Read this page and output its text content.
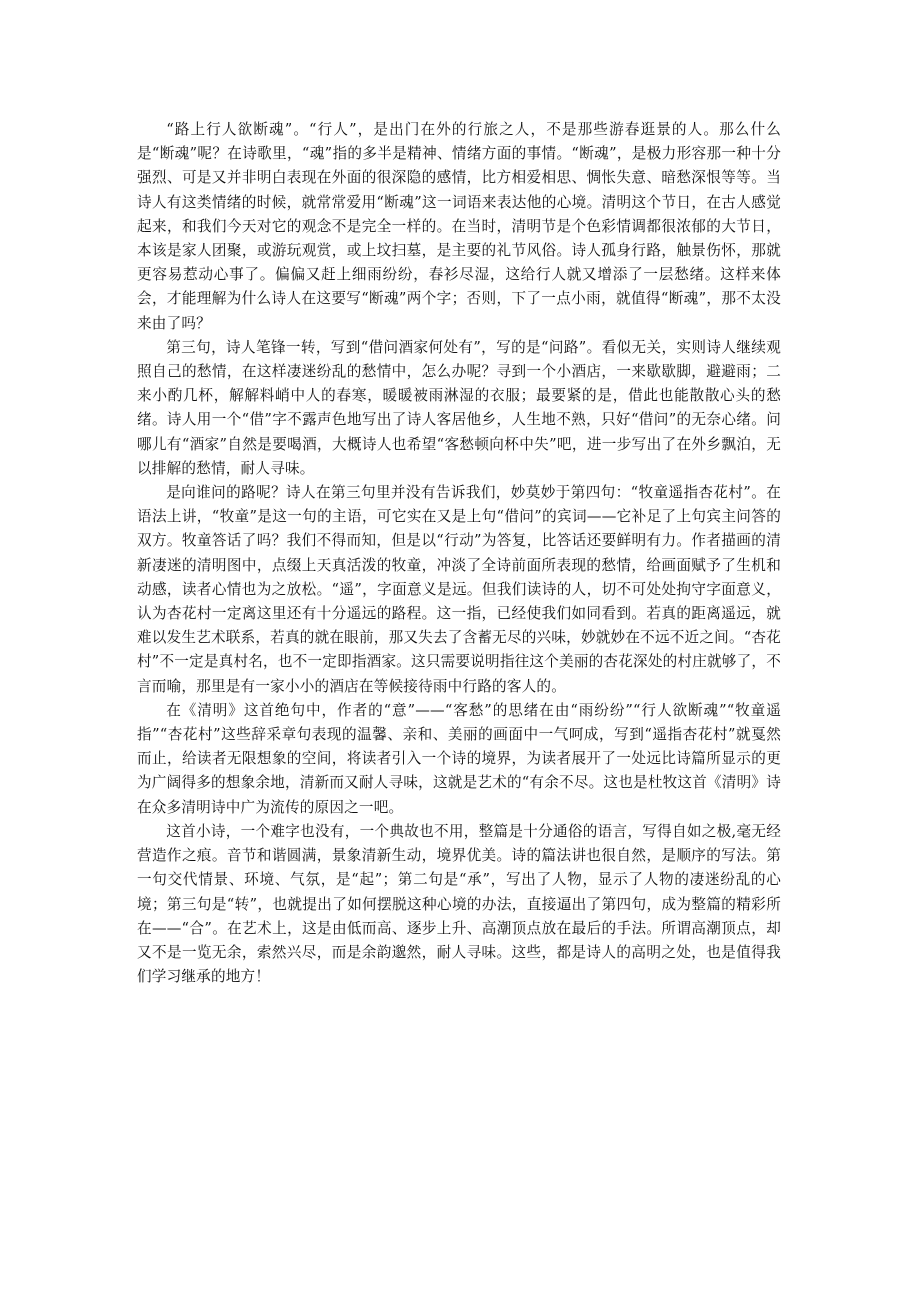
“路上行人欲断魂”。“行人”，是出门在外的行旅之人，不是那些游春逛景的人。那么什么是“断魂”呢？在诗歌里，“魂”指的多半是精神、情绪方面的事情。“断魂”，是极力形容那一种十分强烈、可是又并非明白表现在外面的很深隐的感情，比方相爱相思、惆怅失意、暗愁深恨等等。当诗人有这类情绪的时候，就常常爱用“断魂”这一词语来表达他的心境。清明这个节日，在古人感觉起来，和我们今天对它的观念不是完全一样的。在当时，清明节是个色彩情调都很浓郁的大节日，本该是家人团聚，或游玩观赏，或上坟扫墓，是主要的礼节风俗。诗人孤身行路，触景伤怀，那就更容易惹动心事了。偏偏又赶上细雨纷纷，春衫尽湿，这给行人就又增添了一层愁绪。这样来体会，才能理解为什么诗人在这要写“断魂”两个字；否则，下了一点小雨，就值得“断魂”，那不太没来由了吗？

第三句，诗人笔锋一转，写到“借问酒家何处有”，写的是“问路”。看似无关，实则诗人继续观照自己的愁情，在这样凄迷纷乱的愁情中，怎么办呢？寻到一个小酒店，一来歇歇脚，避避雨；二来小酌几杯，解解料峭中人的春寒，暖暖被雨淋湿的衣服；最要紧的是，借此也能散散心头的愁绪。诗人用一个“借”字不露声色地写出了诗人客居他乡，人生地不熟，只好“借问”的无奈心绪。问哪儿有“酒家”自然是要喝酒，大概诗人也希望“客愁顿向杯中失”吧，进一步写出了在外乡飘泊，无以排解的愁情，耐人寻味。

是向谁问的路呢？诗人在第三句里并没有告诉我们，妙莫妙于第四句：“牧童遥指杏花村”。在语法上讲，“牧童”是这一句的主语，可它实在又是上句“借问”的宾词——它补足了上句宾主问答的双方。牧童答话了吗？我们不得而知，但是以“行动”为答复，比答话还要鲜明有力。作者描画的清新凄迷的清明图中，点缀上天真活泼的牧童，冲淡了全诗前面所表现的愁情，给画面赋予了生机和动感，读者心情也为之放松。“遥”，字面意义是远。但我们读诗的人，切不可处处拘守字面意义，认为杏花村一定离这里还有十分遥远的路程。这一指，已经使我们如同看到。若真的距离遥远，就难以发生艺术联系，若真的就在眼前，那又失去了含蓄无尽的兴味，妙就妙在不远不近之间。“杏花村”不一定是真村名，也不一定即指酒家。这只需要说明指往这个美丽的杏花深处的村庄就够了，不言而喻，那里是有一家小小的酒店在等候接待雨中行路的客人的。

在《清明》这首绝句中，作者的“意”——“客愁”的思绪在由“雨纷纷”“行人欲断魂”“牧童遥指”“杏花村”这些辞采章句表现的温馨、亲和、美丽的画面中一气呵成，写到“遥指杏花村”就戛然而止，给读者无限想象的空间，将读者引入一个诗的境界，为读者展开了一处远比诗篇所显示的更为广阔得多的想象余地，清新而又耐人寻味，这就是艺术的“有余不尽。这也是杜牧这首《清明》诗在众多清明诗中广为流传的原因之一吧。

这首小诗，一个难字也没有，一个典故也不用，整篇是十分通俗的语言，写得自如之极,毫无经营造作之痕。音节和谐圆满，景象清新生动，境界优美。诗的篇法讲也很自然，是顺序的写法。第一句交代情景、环境、气氛，是“起”；第二句是“承”，写出了人物，显示了人物的凄迷纷乱的心境；第三句是“转”，也就提出了如何摆脱这种心境的办法，直接逼出了第四句，成为整篇的精彩所在——“合”。在艺术上，这是由低而高、逐步上升、高潮顶点放在最后的手法。所谓高潮顶点，却又不是一览无余，索然兴尽，而是余韵邈然，耐人寻味。这些，都是诗人的高明之处，也是值得我们学习继承的地方！
